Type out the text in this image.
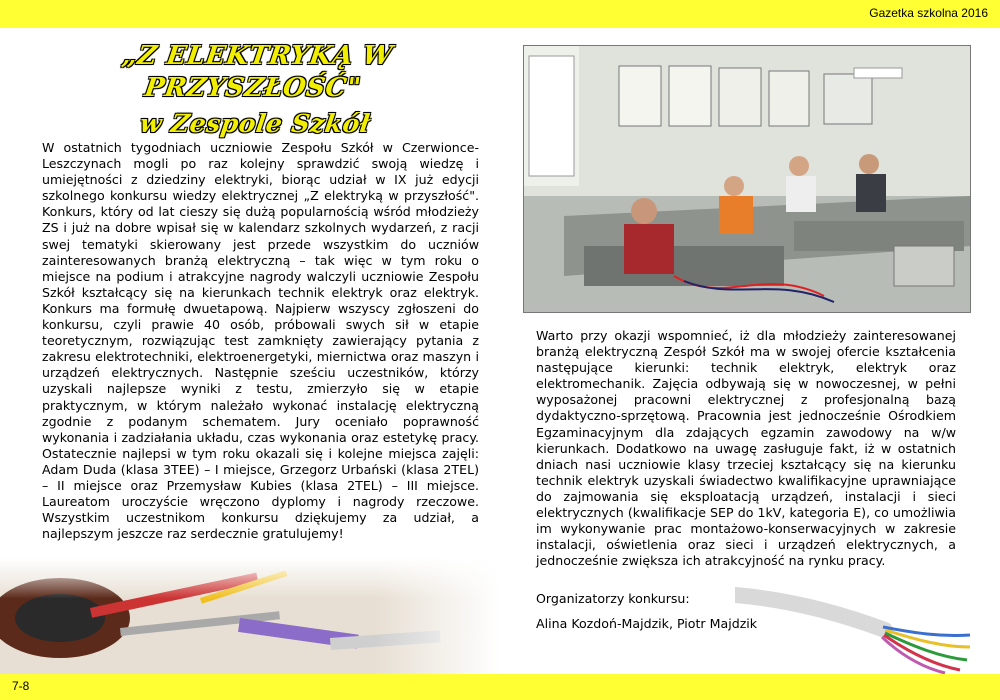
Gazetka szkolna 2016
„Z ELEKTRYKĄ W PRZYSZŁOŚĆ"
w Zespole Szkół
W ostatnich tygodniach uczniowie Zespołu Szkół w Czerwionce-Leszczynach mogli po raz kolejny sprawdzić swoją wiedzę i umiejętności z dziedziny elektryki, biorąc udział w IX już edycji szkolnego konkursu wiedzy elektrycznej „Z elektryką w przyszłość". Konkurs, który od lat cieszy się dużą popularnością wśród młodzieży ZS i już na dobre wpisał się w kalendarz szkolnych wydarzeń, z racji swej tematyki skierowany jest przede wszystkim do uczniów zainteresowanych branżą elektryczną – tak więc w tym roku o miejsce na podium i atrakcyjne nagrody walczyli uczniowie Zespołu Szkół kształcący się na kierunkach technik elektryk oraz elektryk. Konkurs ma formułę dwuetapową. Najpierw wszyscy zgłoszeni do konkursu, czyli prawie 40 osób, próbowali swych sił w etapie teoretycznym, rozwiązując test zamknięty zawierający pytania z zakresu elektrotechniki, elektroenergetyki, miernictwa oraz maszyn i urządzeń elektrycznych. Następnie sześciu uczestników, którzy uzyskali najlepsze wyniki z testu, zmierzyło się w etapie praktycznym, w którym należało wykonać instalację elektryczną zgodnie z podanym schematem. Jury oceniało poprawność wykonania i zadziałania układu, czas wykonania oraz estetykę pracy. Ostatecznie najlepsi w tym roku okazali się i kolejne miejsca zajęli: Adam Duda (klasa 3TEE) – I miejsce, Grzegorz Urbański (klasa 2TEL) – II miejsce oraz Przemysław Kubies (klasa 2TEL) – III miejsce. Laureatom uroczyście wręczono dyplomy i nagrody rzeczowe. Wszystkim uczestnikom konkursu dziękujemy za udział, a najlepszym jeszcze raz serdecznie gratulujemy!
Warto przy okazji wspomnieć, iż dla młodzieży zainteresowanej branżą elektryczną Zespół Szkół ma w swojej ofercie kształcenia następujące kierunki: technik elektryk, elektryk oraz elektromechanik. Zajęcia odbywają się w nowoczesnej, w pełni wyposażonej pracowni elektrycznej z profesjonalną bazą dydaktyczno-sprzętową. Pracownia jest jednocześnie Ośrodkiem Egzaminacyjnym dla zdających egzamin zawodowy na w/w kierunkach. Dodatkowo na uwagę zasługuje fakt, iż w ostatnich dniach nasi uczniowie klasy trzeciej kształcący się na kierunku technik elektryk uzyskali świadectwo kwalifikacyjne uprawniające do zajmowania się eksploatacją urządzeń, instalacji i sieci elektrycznych (kwalifikacje SEP do 1kV, kategoria E), co umożliwia im wykonywanie prac montażowo-konserwacyjnych w zakresie instalacji, oświetlenia oraz sieci i urządzeń elektrycznych, a jednocześnie zwiększa ich atrakcyjność na rynku pracy.
Organizatorzy konkursu:
Alina Kozdoń-Majdzik, Piotr Majdzik
7-8
